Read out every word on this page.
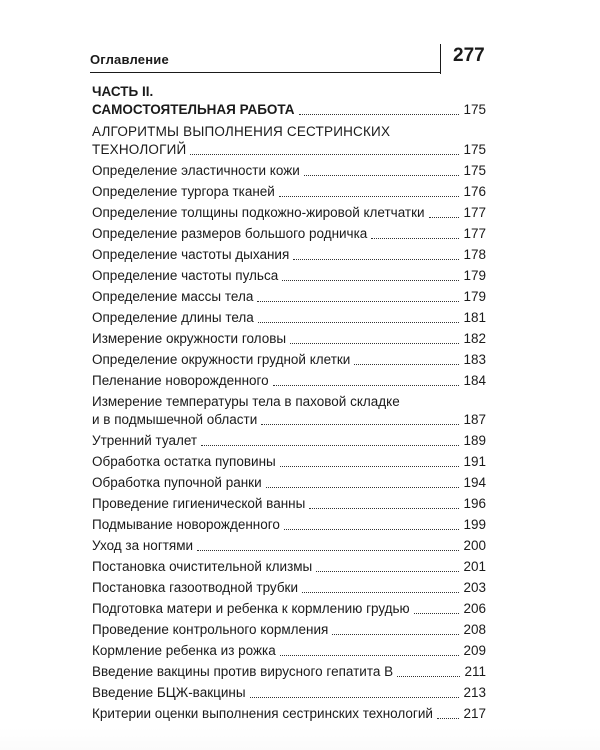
Оглавление	277
ЧАСТЬ II.
САМОСТОЯТЕЛЬНАЯ РАБОТА	175
АЛГОРИТМЫ ВЫПОЛНЕНИЯ СЕСТРИНСКИХ
ТЕХНОЛОГИЙ	175
Определение эластичности кожи	175
Определение тургора тканей	176
Определение толщины подкожно-жировой клетчатки	177
Определение размеров большого родничка	177
Определение частоты дыхания	178
Определение частоты пульса	179
Определение массы тела	179
Определение длины тела	181
Измерение окружности головы	182
Определение окружности грудной клетки	183
Пеленание новорожденного	184
Измерение температуры тела в паховой складке
и в подмышечной области	187
Утренний туалет	189
Обработка остатка пуповины	191
Обработка пупочной ранки	194
Проведение гигиенической ванны	196
Подмывание новорожденного	199
Уход за ногтями	200
Постановка очистительной клизмы	201
Постановка газоотводной трубки	203
Подготовка матери и ребенка к кормлению грудью	206
Проведение контрольного кормления	208
Кормление ребенка из рожка	209
Введение вакцины против вирусного гепатита В	211
Введение БЦЖ-вакцины	213
Критерии оценки выполнения сестринских технологий 217
